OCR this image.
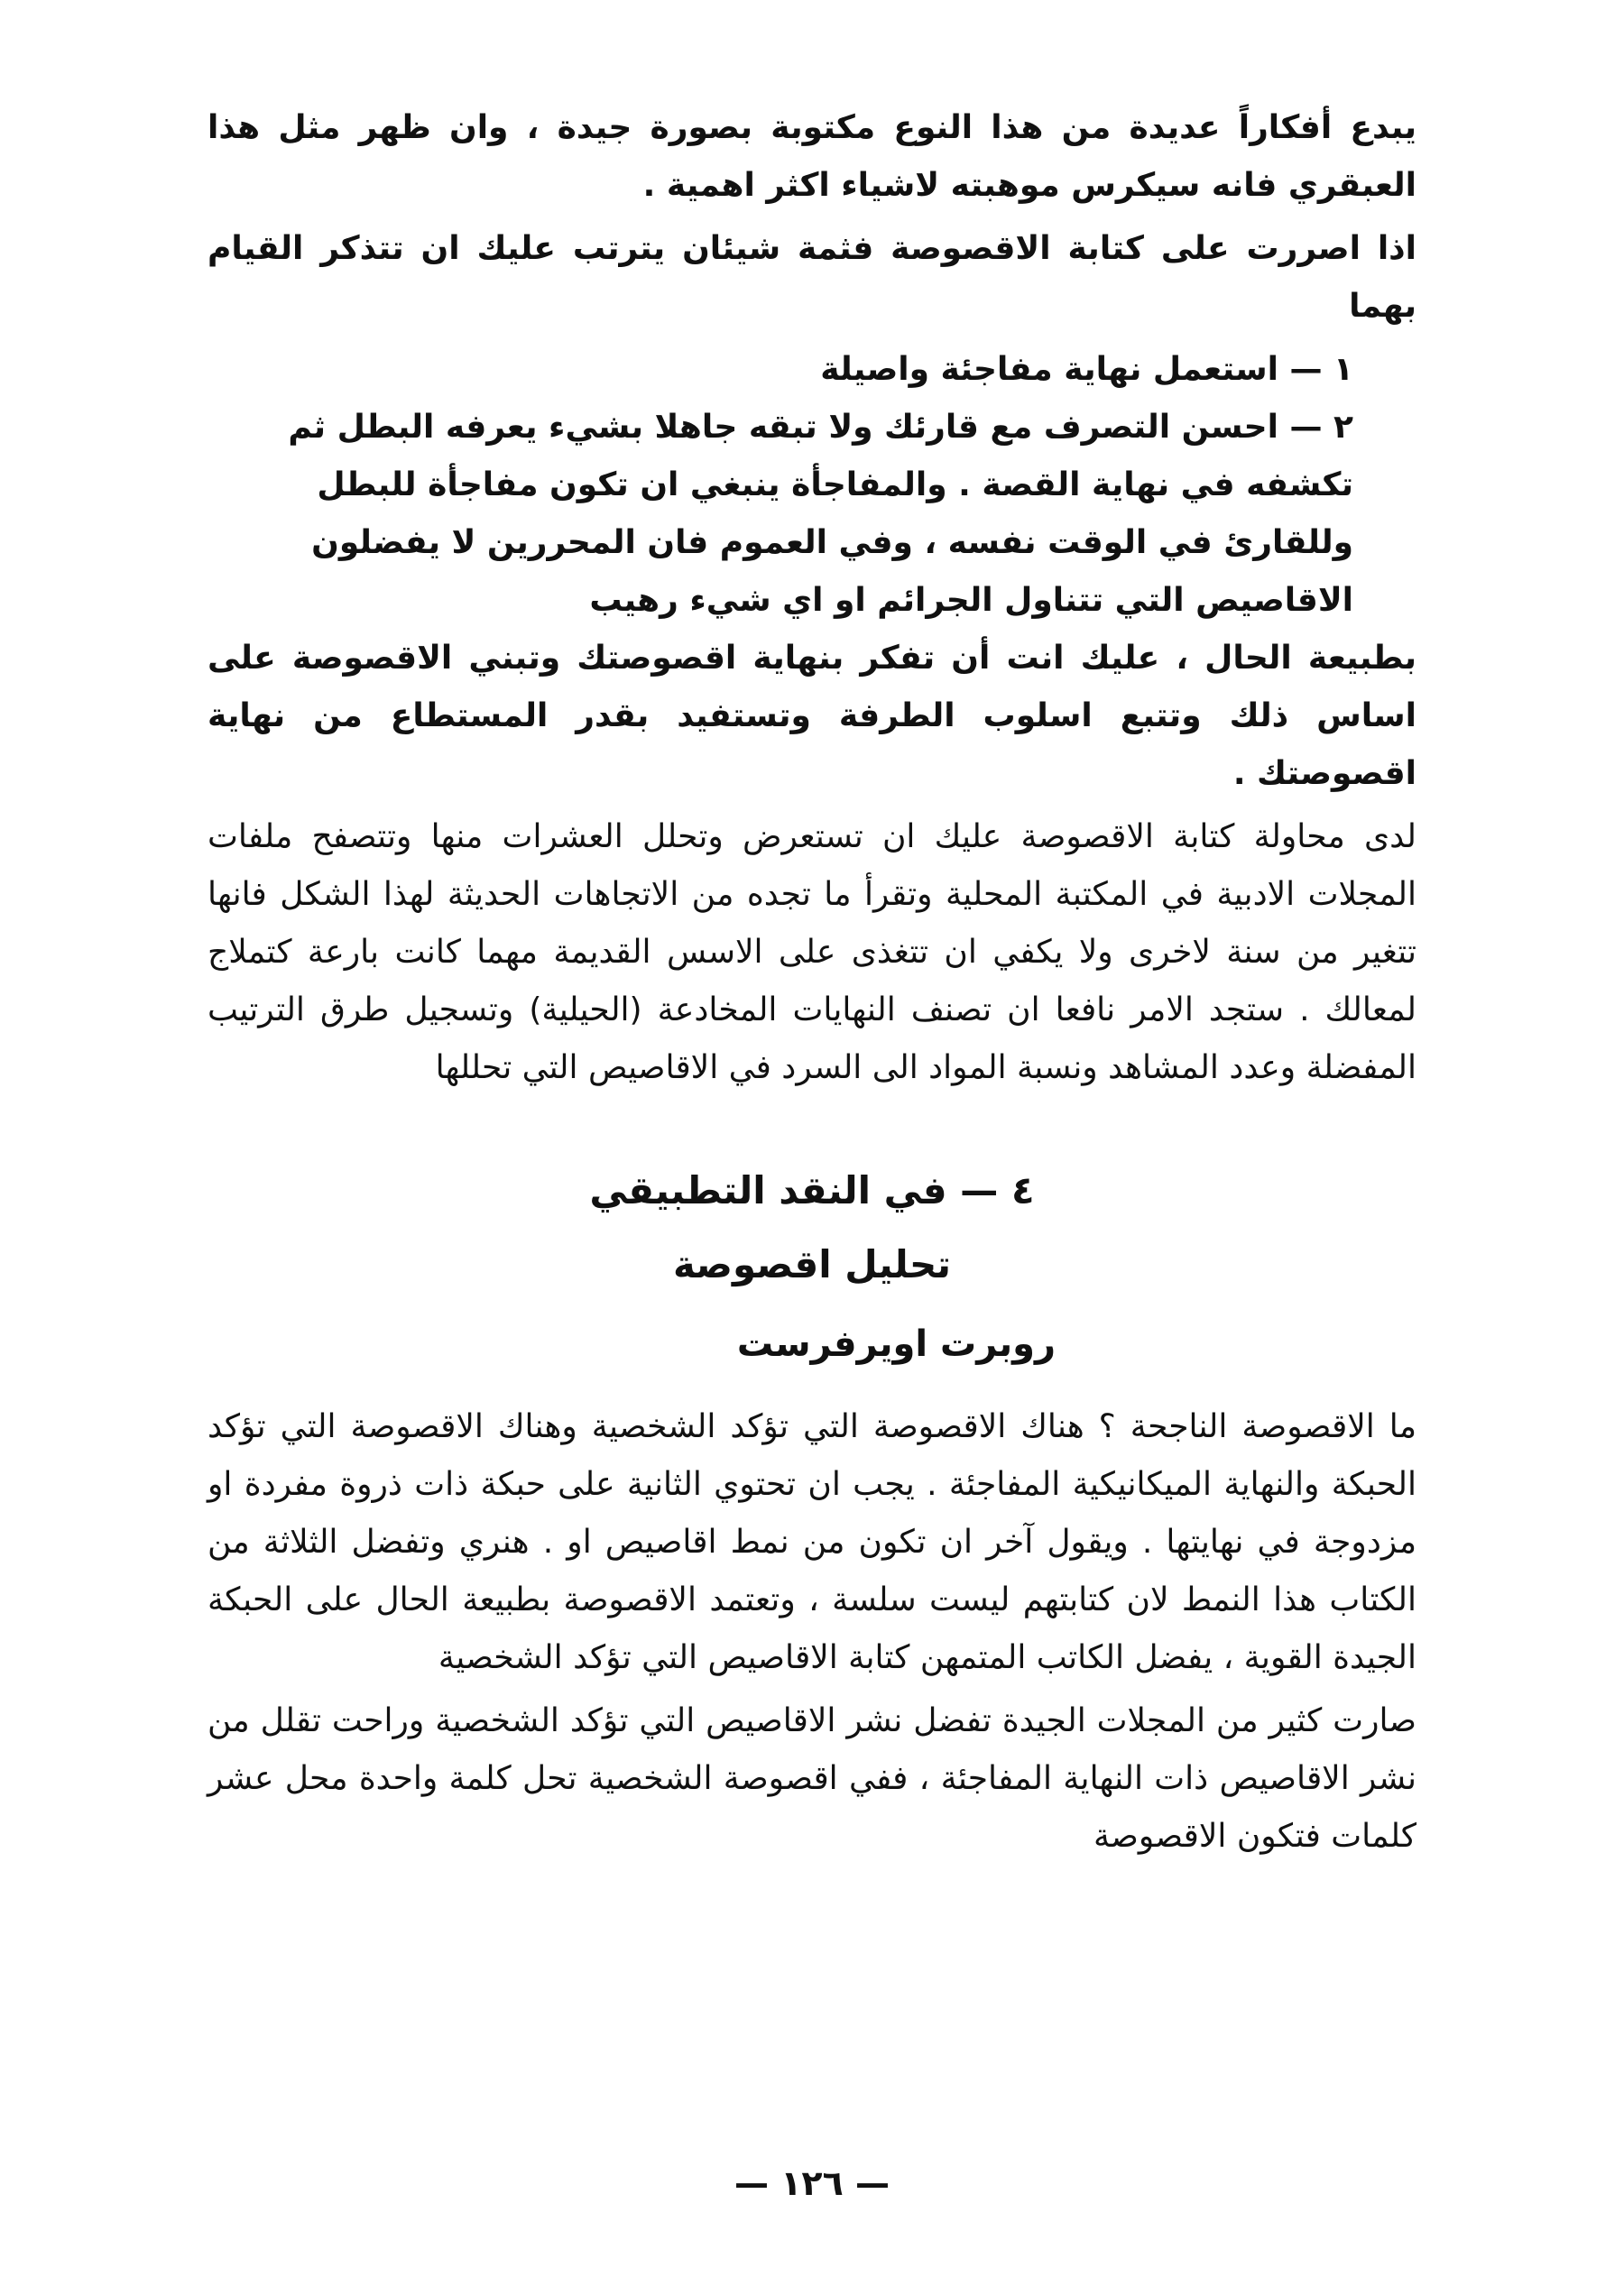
يبدع أفكاراً عديدة من هذا النوع مكتوبة بصورة جيدة ، وان ظهر مثل هذا العبقري فانه سيكرس موهبته لاشياء اكثر اهمية .

اذا اصررت على كتابة الاقصوصة فثمة شيئان يترتب عليك ان تتذكر القيام بهما

١ — استعمل نهاية مفاجئة واصيلة

٢ — احسن التصرف مع قارئك ولا تبقه جاهلا بشيء يعرفه البطل ثم تكشفه في نهاية القصة . والمفاجأة ينبغي ان تكون مفاجأة للبطل وللقارئ في الوقت نفسه ، وفي العموم فان المحررين لا يفضلون الاقاصيص التي تتناول الجرائم او اي شيء رهيب

بطبيعة الحال ، عليك انت أن تفكر بنهاية اقصوصتك وتبني الاقصوصة على اساس ذلك وتتبع اسلوب الطرفة وتستفيد بقدر المستطاع من نهاية اقصوصتك .

لدى محاولة كتابة الاقصوصة عليك ان تستعرض وتحلل العشرات منها وتتصفح ملفات المجلات الادبية في المكتبة المحلية وتقرأ ما تجده من الاتجاهات الحديثة لهذا الشكل فانها تتغير من سنة لاخرى ولا يكفي ان تتغذى على الاسس القديمة مهما كانت بارعة كتملاج لمعالك . ستجد الامر نافعا ان تصنف النهايات المخادعة (الحيلية) وتسجيل طرق الترتيب المفضلة وعدد المشاهد ونسبة المواد الى السرد في الاقاصيص التي تحللها

٤ — في النقد التطبيقي
تحليل اقصوصة
روبرت اويرفرست

ما الاقصوصة الناجحة ؟ هناك الاقصوصة التي تؤكد الشخصية وهناك الاقصوصة التي تؤكد الحبكة والنهاية الميكانيكية المفاجئة . يجب ان تحتوي الثانية على حبكة ذات ذروة مفردة او مزدوجة في نهايتها . ويقول آخر ان تكون من نمط اقاصيص او . هنري وتفضل الثلاثة من الكتاب هذا النمط لان كتابتهم ليست سلسة ، وتعتمد الاقصوصة بطبيعة الحال على الحبكة الجيدة القوية ، يفضل الكاتب المتمهن كتابة الاقاصيص التي تؤكد الشخصية

صارت كثير من المجلات الجيدة تفضل نشر الاقاصيص التي تؤكد الشخصية وراحت تقلل من نشر الاقاصيص ذات النهاية المفاجئة ، ففي اقصوصة الشخصية تحل كلمة واحدة محل عشر كلمات فتكون الاقصوصة

— ١٢٦ —
